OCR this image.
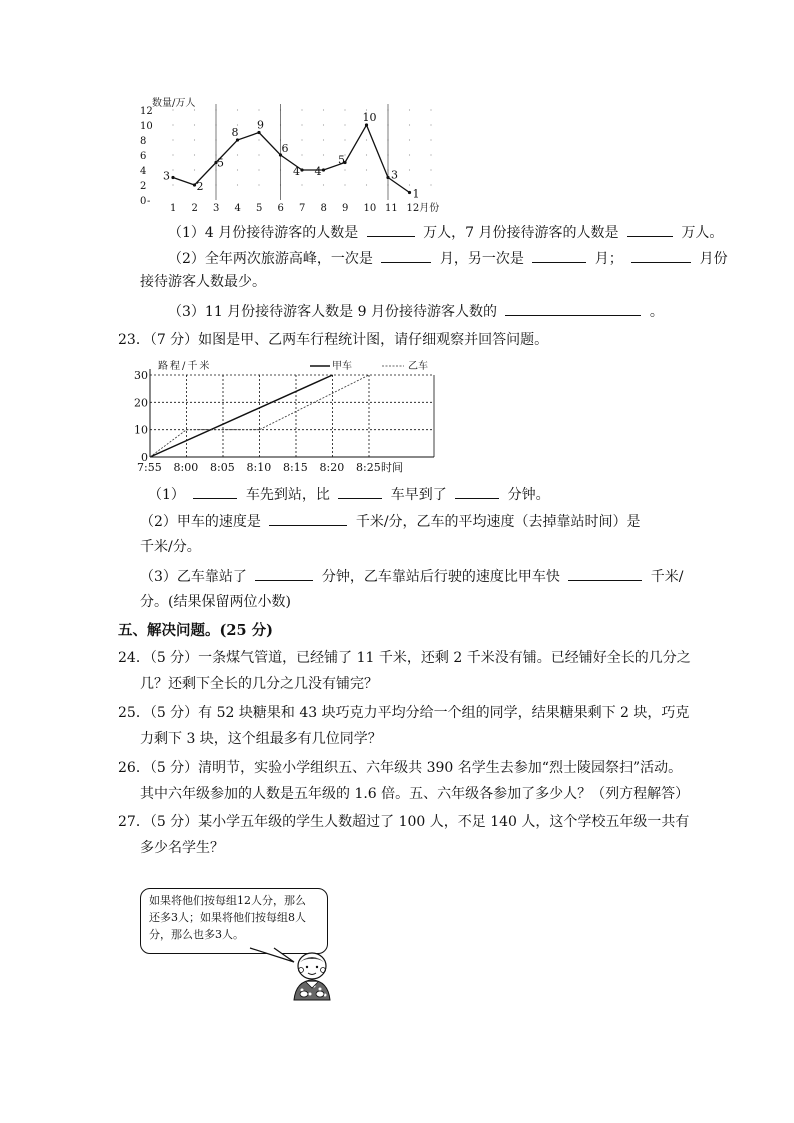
数量/万人
0
2
4
6
8
10
12
-
1 2 3 4 5 6 7 8 9 10 11 12月份
3
2
5
8
9
6
4 4
5
10
3
1
（1）4 月份接待游客的人数是	万人，7 月份接待游客的人数是	万人。
（2）全年两次旅游高峰，一次是	月，另一次是	月；	月份
接待游客人数最少。
（3）11 月份接待游客人数是 9 月份接待游客人数的	。
23．（7 分）如图是甲、乙两车行程统计图，请仔细观察并回答问题。
路程/千米
0
10
20
30
7:55 8:00 8:05 8:10 8:15 8:20 8:25 时间
甲车	乙车
（1）	车先到站，比	车早到了	分钟。
（2）甲车的速度是	千米/分，乙车的平均速度（去掉靠站时间）是
千米/分。
（3）乙车靠站了	分钟，乙车靠站后行驶的速度比甲车快	千米/
分。(结果保留两位小数)
五、解决问题。(25 分)
24．（5 分）一条煤气管道，已经铺了 11 千米，还剩 2 千米没有铺。已经铺好全长的几分之
几？还剩下全长的几分之几没有铺完？
25．（5 分）有 52 块糖果和 43 块巧克力平均分给一个组的同学，结果糖果剩下 2 块，巧克
力剩下 3 块，这个组最多有几位同学？
26．（5 分）清明节，实验小学组织五、六年级共 390 名学生去参加“烈士陵园祭扫”活动。
其中六年级参加的人数是五年级的 1.6 倍。五、六年级各参加了多少人？（列方程解答）
27．（5 分）某小学五年级的学生人数超过了 100 人，不足 140 人，这个学校五年级一共有
多少名学生？
如果将他们按每组12人分，那么
还多3人；如果将他们按每组8人
分，那么也多3人。
